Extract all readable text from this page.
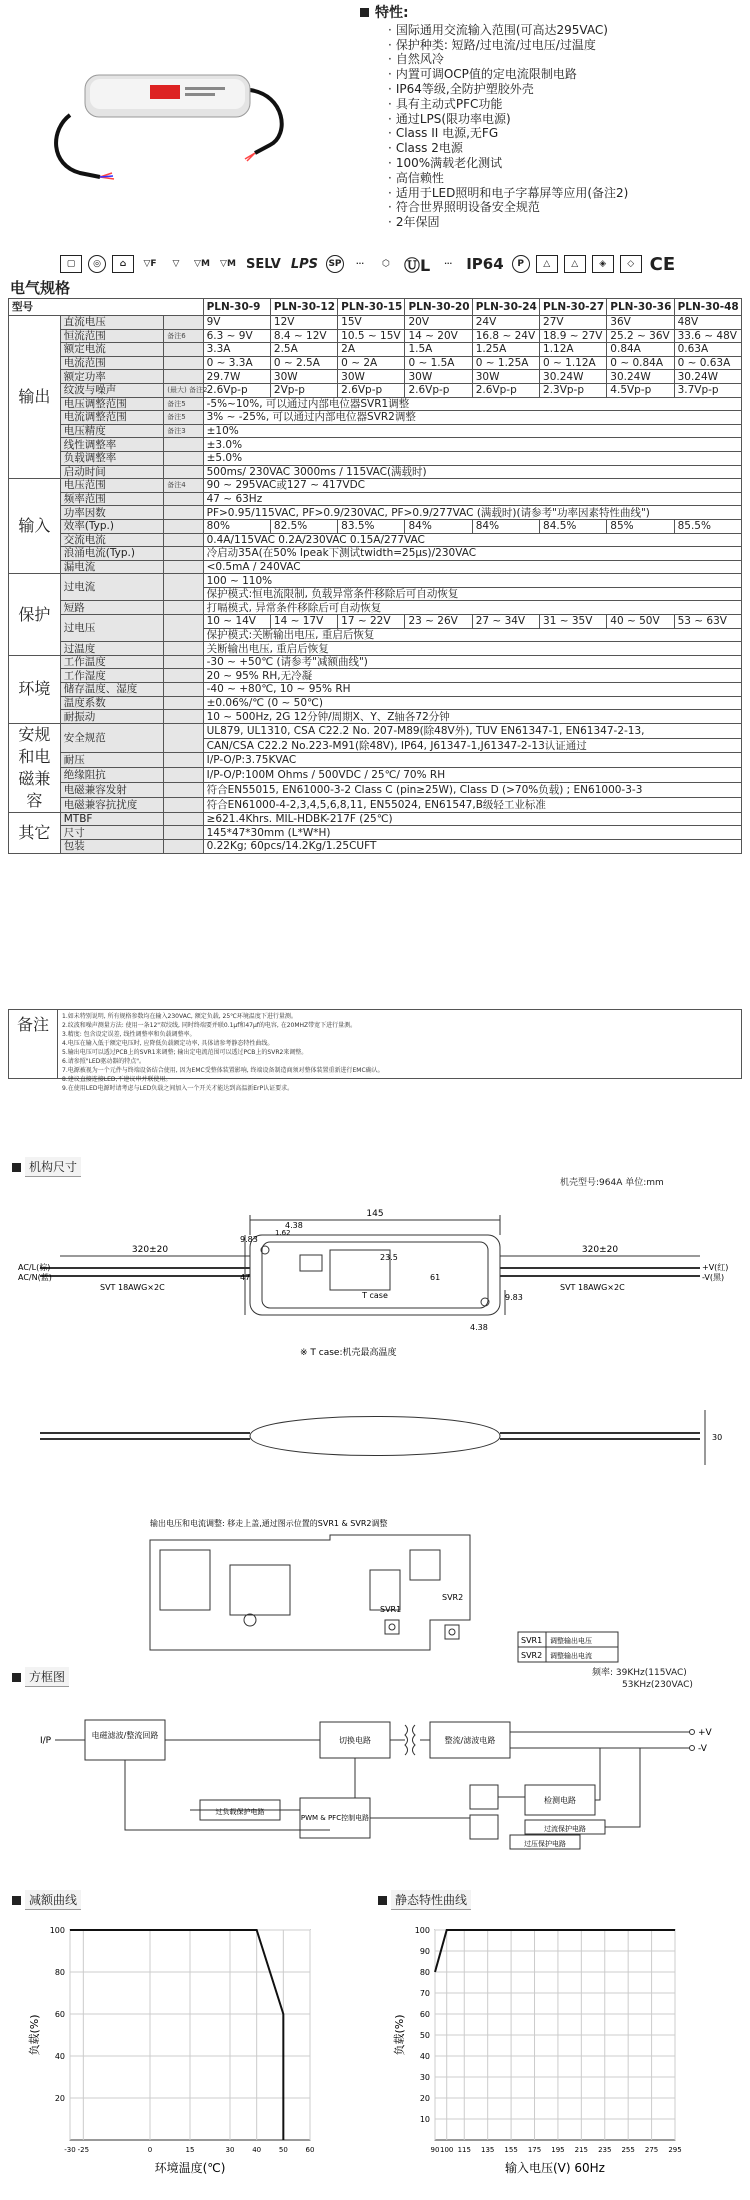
特性:
· 国际通用交流输入范围(可高达295VAC)
· 保护种类: 短路/过电流/过电压/过温度
· 自然风冷
· 内置可调OCP值的定电流限制电路
· IP64等级,全防护塑胶外壳
· 具有主动式PFC功能
· 通过LPS(限功率电源)
· Class II 电源,无FG
· Class 2电源
· 100%满载老化测试
· 高信赖性
· 适用于LED照明和电子字幕屏等应用(备注2)
· 符合世界照明设备安全规范
· 2年保固
▢	◎	⌂	▽F	▽	▽M ▽M SELV LPS SP	···	⬡ ⓊL	··· IP64	P	△	△	◈	◇ CE
电气规格
型号			PLN-30-9	PLN-30-12	PLN-30-15	PLN-30-20	PLN-30-24	PLN-30-27	PLN-30-36	PLN-30-48
输出	直流电压		9V	12V	15V	20V	24V	27V	36V	48V
	恒流范围	备注6	6.3 ~ 9V	8.4 ~ 12V	10.5 ~ 15V	14 ~ 20V	16.8 ~ 24V	18.9 ~ 27V	25.2 ~ 36V	33.6 ~ 48V
	额定电流		3.3A	2.5A	2A	1.5A	1.25A	1.12A	0.84A	0.63A
	电流范围		0 ~ 3.3A	0 ~ 2.5A	0 ~ 2A	0 ~ 1.5A	0 ~ 1.25A	0 ~ 1.12A	0 ~ 0.84A	0 ~ 0.63A
	额定功率		29.7W	30W	30W	30W	30W	30.24W	30.24W	30.24W
	纹波与噪声	(最大) 备注2	2.6Vp-p	2Vp-p	2.6Vp-p	2.6Vp-p	2.6Vp-p	2.3Vp-p	4.5Vp-p	3.7Vp-p
	电压调整范围	备注5	-5%~10%, 可以通过内部电位器SVR1调整							
	电流调整范围	备注5	3% ~ -25%, 可以通过内部电位器SVR2调整							
	电压精度	备注3	±10%							
	线性调整率		±3.0%							
	负载调整率		±5.0%							
	启动时间		500ms/ 230VAC 3000ms / 115VAC(满载时)							
输入	电压范围	备注4	90 ~ 295VAC或127 ~ 417VDC							
	频率范围		47 ~ 63Hz							
	功率因数		PF>0.95/115VAC, PF>0.9/230VAC, PF>0.9/277VAC (满载时)(请参考"功率因素特性曲线")							
	效率(Typ.)		80%	82.5%	83.5%	84%	84%	84.5%	85%	85.5%
	交流电流		0.4A/115VAC 0.2A/230VAC 0.15A/277VAC							
	浪涌电流(Typ.)		冷启动35A(在50% Ipeak下测试twidth=25μs)/230VAC							
	漏电流		<0.5mA / 240VAC							
保护	过电流		100 ~ 110%							
			保护模式:恒电流限制, 负载异常条件移除后可自动恢复							
	短路		打嗝模式, 异常条件移除后可自动恢复							
	过电压		10 ~ 14V	14 ~ 17V	17 ~ 22V	23 ~ 26V	27 ~ 34V	31 ~ 35V	40 ~ 50V	53 ~ 63V
			保护模式:关断输出电压, 重启后恢复							
	过温度		关断输出电压, 重启后恢复							
环境	工作温度		-30 ~ +50℃ (请参考"减额曲线")							
	工作湿度		20 ~ 95% RH,无冷凝							
	储存温度、湿度		-40 ~ +80℃, 10 ~ 95% RH							
	温度系数		±0.06%/℃ (0 ~ 50℃)							
	耐振动		10 ~ 500Hz, 2G 12分钟/周期X、Y、Z轴各72分钟							
安规和电磁兼容	安全规范		UL879, UL1310, CSA C22.2 No. 207-M89(除48V外), TUV EN61347-1, EN61347-2-13,							
			CAN/CSA C22.2 No.223-M91(除48V), IP64, J61347-1,J61347-2-13认证通过							
	耐压		I/P-O/P:3.75KVAC							
	绝缘阻抗		I/P-O/P:100M Ohms / 500VDC / 25℃/ 70% RH							
	电磁兼容发射		符合EN55015, EN61000-3-2 Class C (pin≥25W), Class D (>70%负载) ; EN61000-3-3							
	电磁兼容抗扰度		符合EN61000-4-2,3,4,5,6,8,11, EN55024, EN61547,B级轻工业标准							
其它	MTBF		≥621.4Khrs. MIL-HDBK-217F (25℃)							
	尺寸		145*47*30mm (L*W*H)							
	包装		0.22Kg; 60pcs/14.2Kg/1.25CUFT							
备注	1.如未特别说明, 所有规格参数均在输入230VAC, 额定负载, 25℃环境温度下进行量测。
2.纹波和噪声测量方法: 使用一条12"双绞线, 同时终端要并联0.1μf和47μf的电容, 在20MHZ带宽下进行量测。
3.精度: 包含设定误差, 线性调整率和负载调整率。
4.电压在输入低于额定电压时, 应降低负载额定功率, 具体请参考静态特性曲线。
5.输出电压可以透过PCB上的SVR1来调整; 输出定电流范围可以透过PCB上的SVR2来调整。
6.请参照"LED驱动器的特点"。
7.电源被视为一个元件与终端设备结合使用, 因为EMC受整体装置影响, 终端设备制造商须对整体装置重新进行EMC确认。
8.建议直接连接LED,不建议串并联使用。
9.在使用LED电源时请考虑与LED负载之间加入一个开关才能达到高温新ErP认证要求。
机构尺寸
机壳型号:964A 单位:mm
145
320±20	320±20
4.38
4.38
9.83
9.83
1.62
47
23.5
61
T case
AC/L(棕)
AC/N(蓝)
SVT 18AWG×2C	SVT 18AWG×2C
+V(红)
-V(黑)
※ T case:机壳最高温度
30
输出电压和电流调整: 移走上盖,通过图示位置的SVR1 & SVR2调整
SVR1
SVR2
SVR1 调整输出电压
SVR2 调整输出电流
方框图	频率: 39KHz(115VAC)
53KHz(230VAC)
I/P
+V
-V
电磁滤波/整流回路
切换电路	整流/滤波电路
过负载保护电路
PWM & PFC控制电路
检测电路
过流保护电路
过压保护电路
减额曲线	静态特性曲线
100
80
60
40
20
-30 -25	0	15	30	40	50	60
环境温度(℃)
负载(%)
100
90
80
70
60
50
40
30
20
10
90 100 115 135 155 175 195 215 235 255 275 295
输入电压(V) 60Hz
负载(%)
